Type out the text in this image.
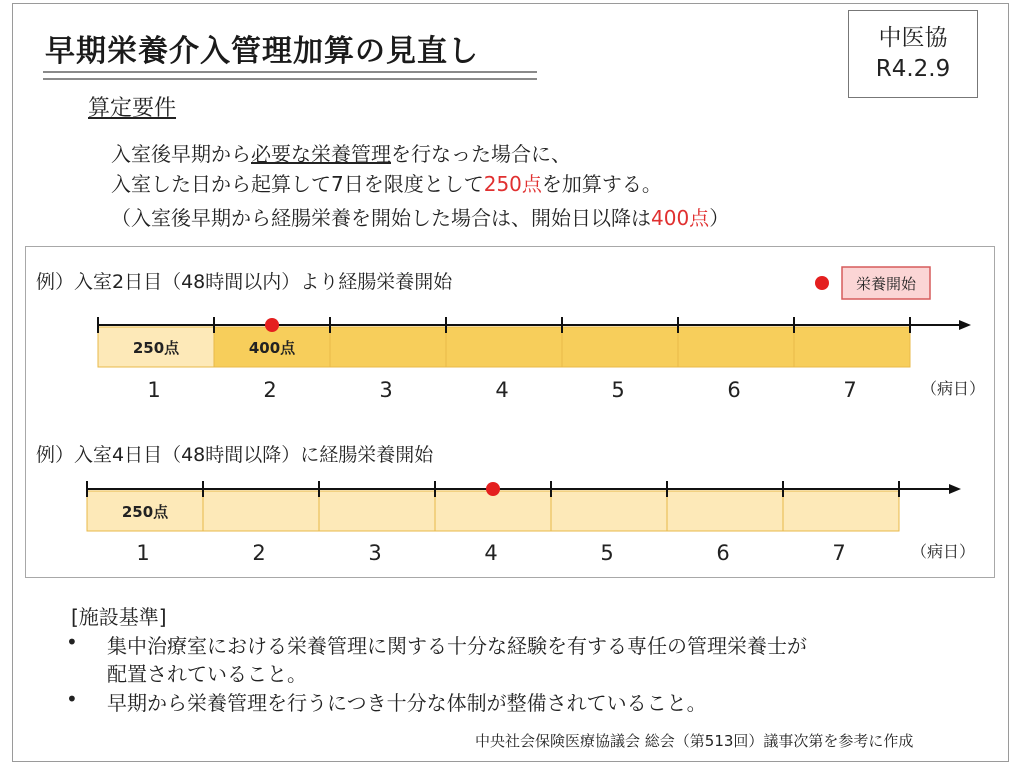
早期栄養介入管理加算の見直し	中医協
R4.2.9
算定要件
入室後早期から必要な栄養管理を行なった場合に、
入室した日から起算して7日を限度として250点を加算する。
（入室後早期から経腸栄養を開始した場合は、開始日以降は400点）
例）入室2日目（48時間以内）より経腸栄養開始
例）入室4日目（48時間以降）に経腸栄養開始
250点	400点
1	2	3	4	5	6	7	（病日）
250点
1	2	3	4	5	6	7	（病日）
栄養開始
[施設基準]
• 集中治療室における栄養管理に関する十分な経験を有する専任の管理栄養士が
配置されていること。
• 早期から栄養管理を行うにつき十分な体制が整備されていること。
中央社会保険医療協議会 総会（第513回）議事次第を参考に作成
